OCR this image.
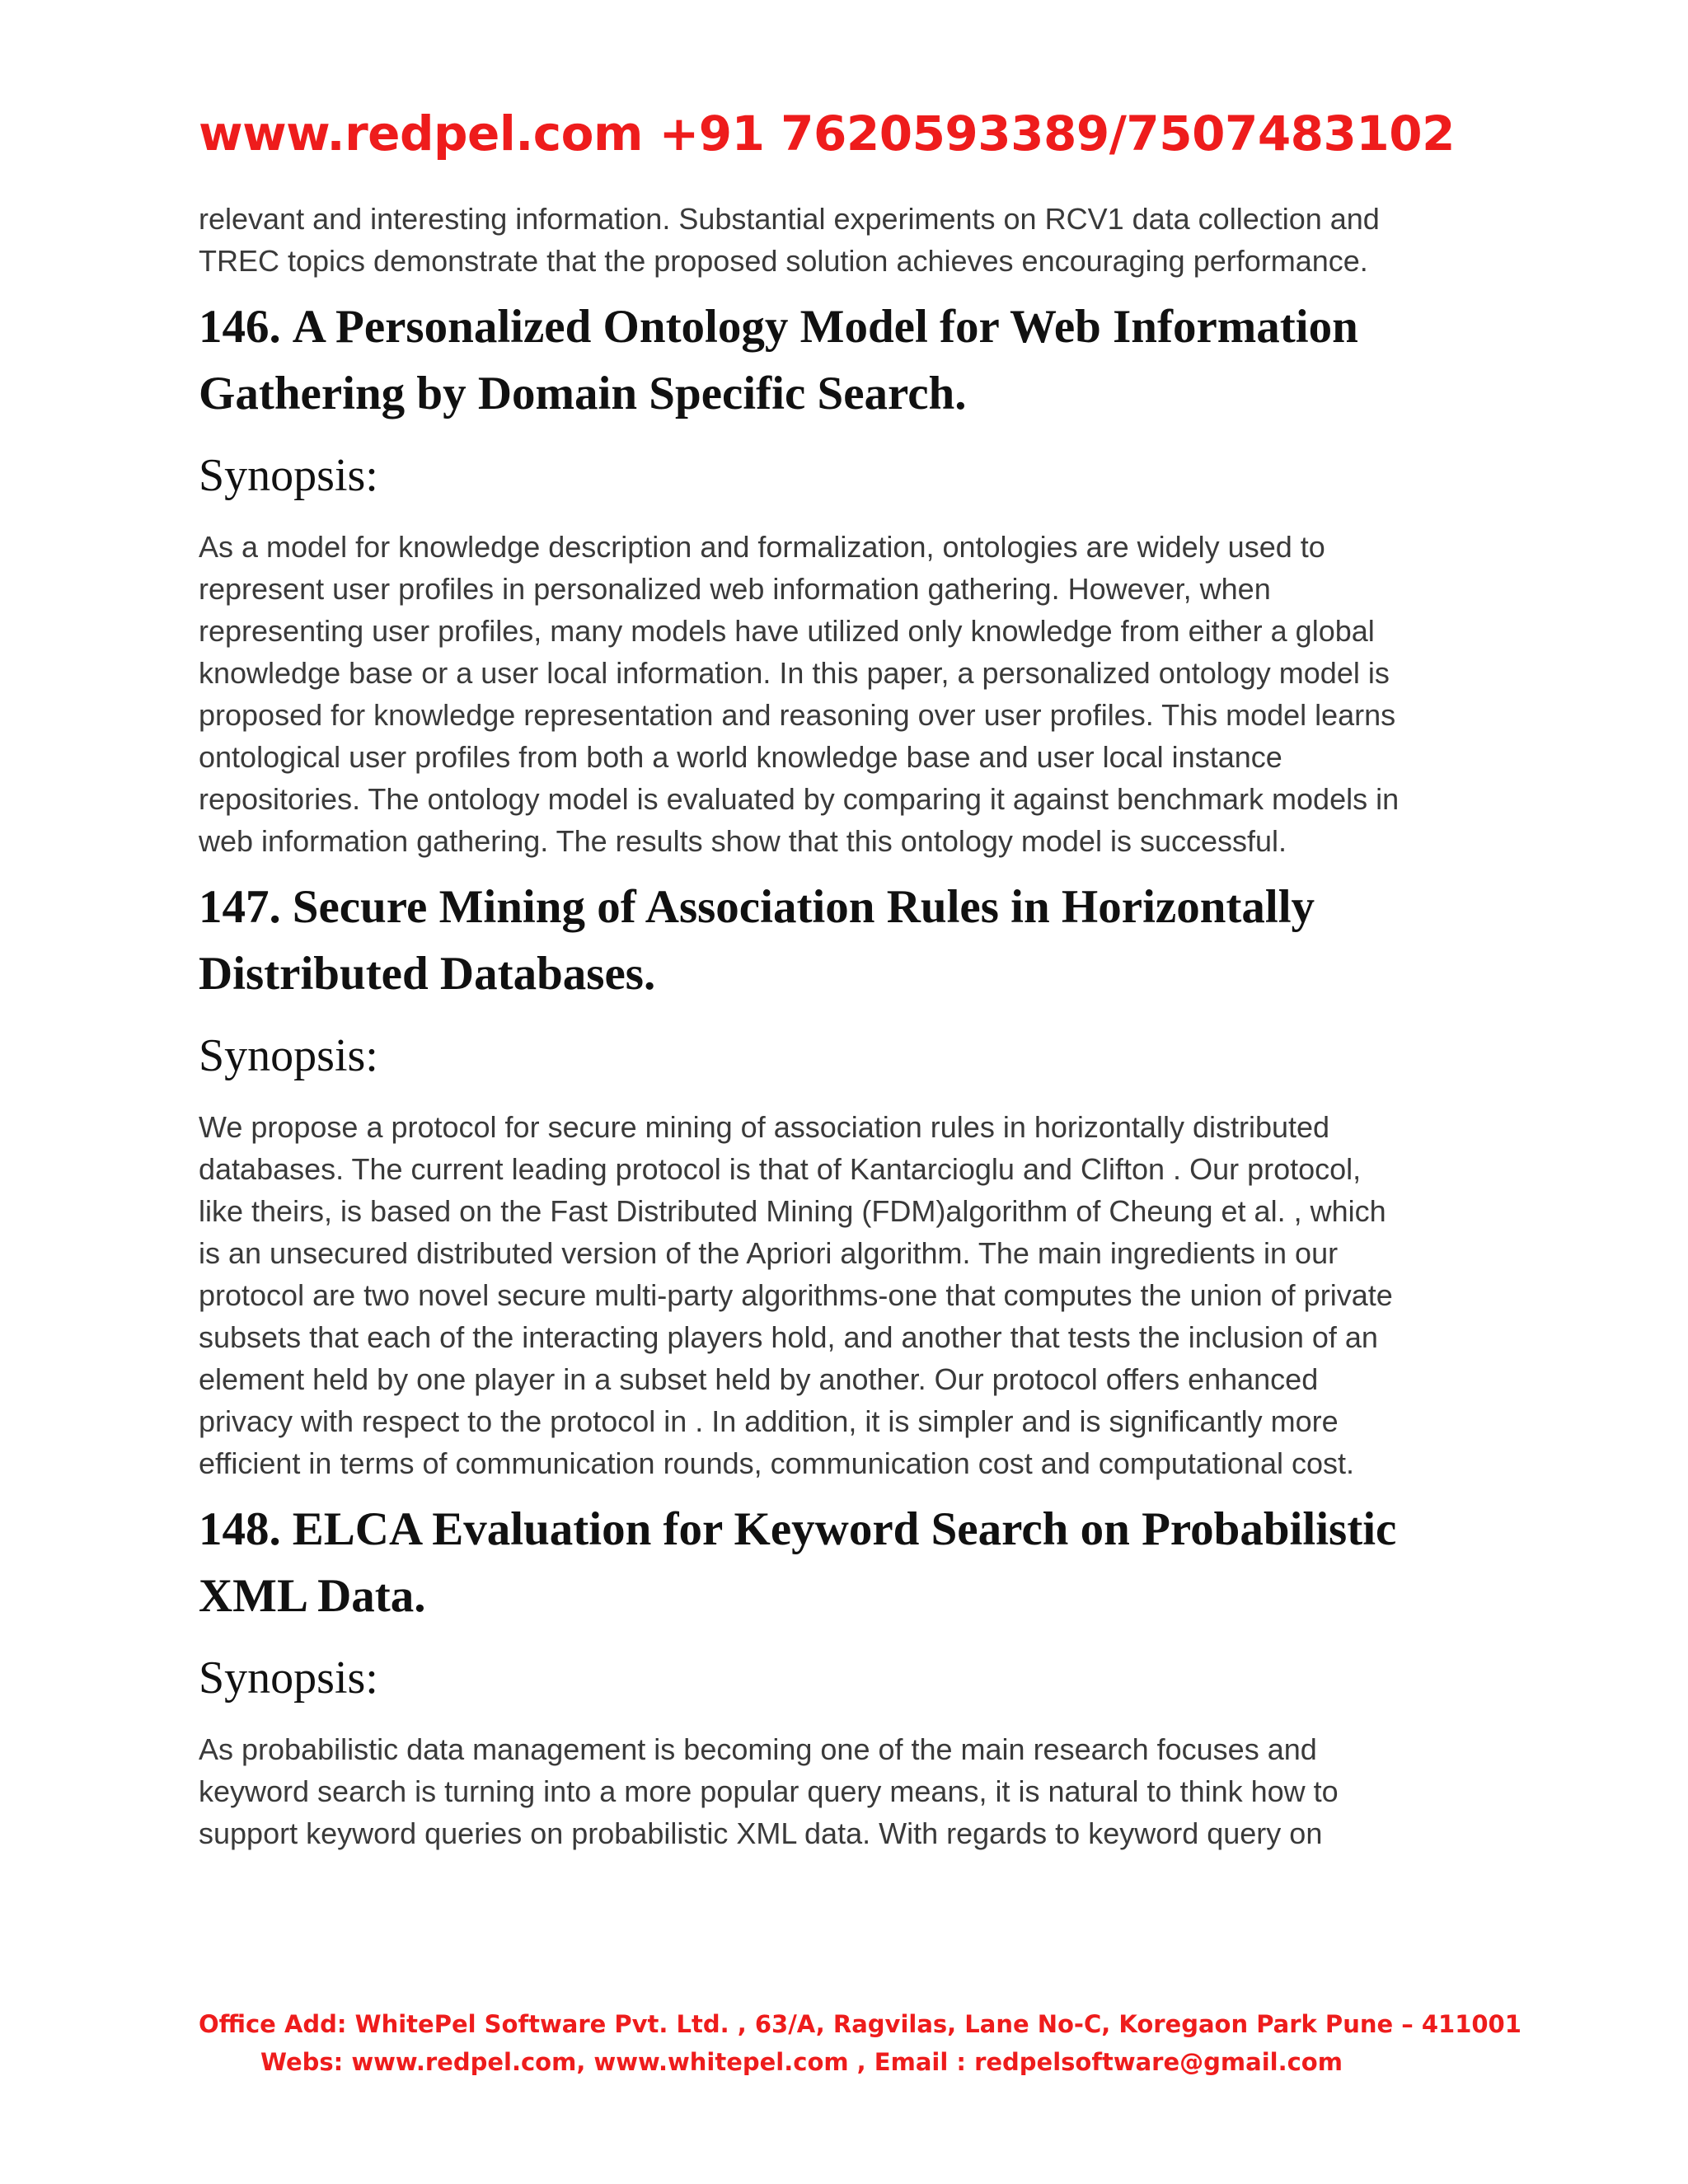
www.redpel.com +91 7620593389/7507483102

relevant and interesting information. Substantial experiments on RCV1 data collection and

TREC topics demonstrate that the proposed solution achieves encouraging performance.

146. A Personalized Ontology Model for Web Information
Gathering by Domain Specific Search.

Synopsis:

As a model for knowledge description and formalization, ontologies are widely used to

represent user profiles in personalized web information gathering. However, when

representing user profiles, many models have utilized only knowledge from either a global

knowledge base or a user local information. In this paper, a personalized ontology model is

proposed for knowledge representation and reasoning over user profiles. This model learns

ontological user profiles from both a world knowledge base and user local instance

repositories. The ontology model is evaluated by comparing it against benchmark models in

web information gathering. The results show that this ontology model is successful.

147. Secure Mining of Association Rules in Horizontally
Distributed Databases.

Synopsis:

We propose a protocol for secure mining of association rules in horizontally distributed

databases. The current leading protocol is that of Kantarcioglu and Clifton . Our protocol,

like theirs, is based on the Fast Distributed Mining (FDM)algorithm of Cheung et al. , which

is an unsecured distributed version of the Apriori algorithm. The main ingredients in our

protocol are two novel secure multi-party algorithms-one that computes the union of private

subsets that each of the interacting players hold, and another that tests the inclusion of an

element held by one player in a subset held by another. Our protocol offers enhanced

privacy with respect to the protocol in . In addition, it is simpler and is significantly more

efficient in terms of communication rounds, communication cost and computational cost.

148. ELCA Evaluation for Keyword Search on Probabilistic
XML Data.

Synopsis:

As probabilistic data management is becoming one of the main research focuses and

keyword search is turning into a more popular query means, it is natural to think how to

support keyword queries on probabilistic XML data. With regards to keyword query on

Office Add: WhitePel Software Pvt. Ltd. , 63/A, Ragvilas, Lane No-C, Koregaon Park Pune – 411001
Webs: www.redpel.com, www.whitepel.com , Email : redpelsoftware@gmail.com
